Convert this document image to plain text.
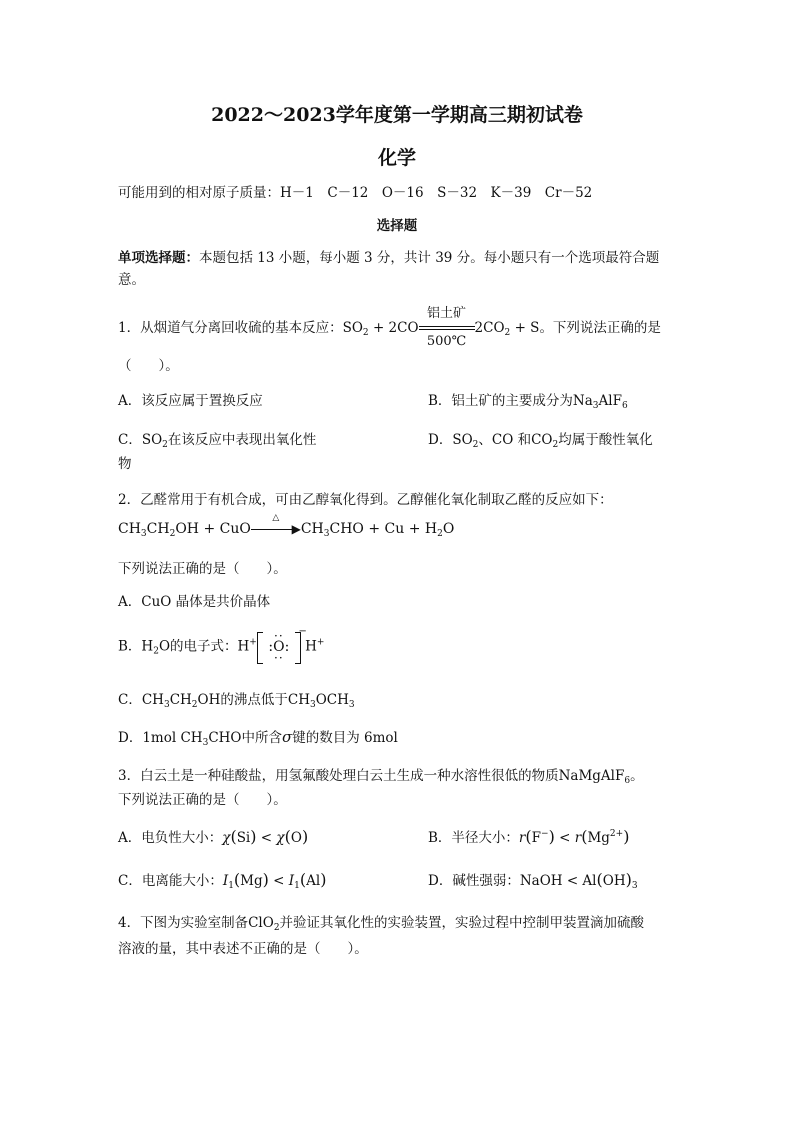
2022～2023学年度第一学期高三期初试卷
化学
可能用到的相对原子质量：H－1　C－12　O－16　S－32　K－39　Cr－52
选择题
单项选择题：本题包括 13 小题，每小题 3 分，共计 39 分。每小题只有一个选项最符合题
意。
1．从烟道气分离回收硫的基本反应：$SO_2 + 2CO$
铝土矿
500℃
$2CO_2 + S$。下列说法正确的是
（　　）。
A．该反应属于置换反应	B．铝土矿的主要成分为$Na_3AlF_6$
C．$SO_2$在该反应中表现出氧化性	D．$SO_2$、CO 和$CO_2$均属于酸性氧化
物
2．乙醛常用于有机合成，可由乙醇氧化得到。乙醇催化氧化制取乙醛的反应如下：
$CH_3CH_2OH$ + CuO
△
▶ $CH_3CHO + Cu + H_2O$
下列说法正确的是（　　）。
A．CuO 晶体是共价晶体
B．$H_2O$的电子式：H+	··
:O:
··
−
H+
C．$CH_3CH_2OH$的沸点低于$CH_3OCH_3$
D．1mol $CH_3CHO$中所含σ键的数目为 6mol
3．白云土是一种硅酸盐，用氢氟酸处理白云土生成一种水溶性很低的物质NaMgAlF$_6$。
下列说法正确的是（　　）。
A．电负性大小：χ(Si) < χ(O)	B．半径大小：$r(F^-) < r(Mg^{2+})$
C．电离能大小：$I_1(Mg) < I_1(Al)$	D．碱性强弱：NaOH < $Al(OH)_3$
4．下图为实验室制备ClO$_2$并验证其氧化性的实验装置，实验过程中控制甲装置滴加硫酸
溶液的量，其中表述不正确的是（　　）。
